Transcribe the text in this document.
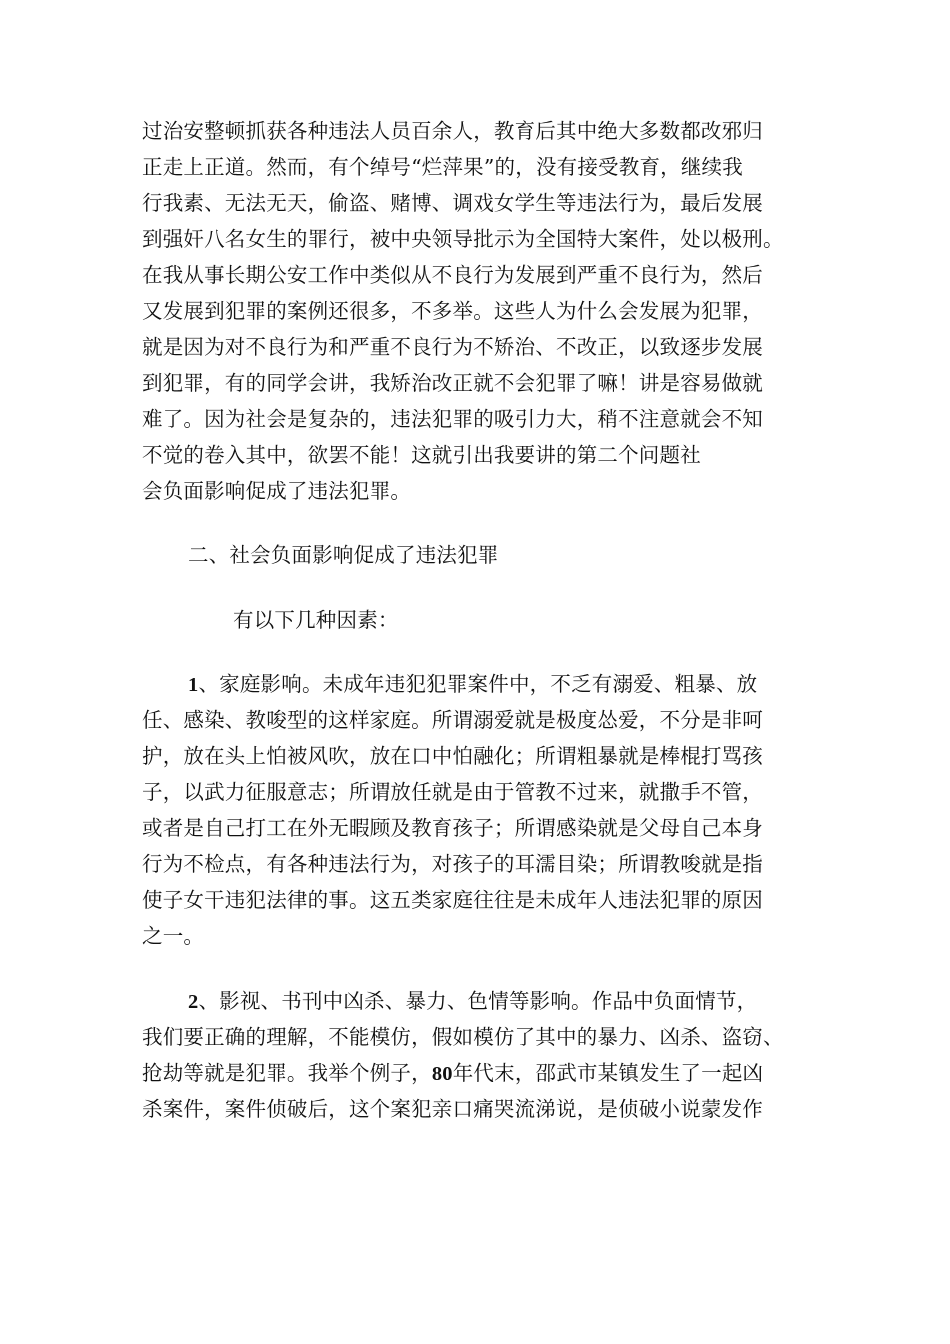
过治安整顿抓获各种违法人员百余人，教育后其中绝大多数都改邪归
正走上正道。然而，有个绰号“烂萍果”的，没有接受教育，继续我
行我素、无法无天，偷盗、赌博、调戏女学生等违法行为，最后发展
到强奸八名女生的罪行，被中央领导批示为全国特大案件，处以极刑。
在我从事长期公安工作中类似从不良行为发展到严重不良行为，然后
又发展到犯罪的案例还很多，不多举。这些人为什么会发展为犯罪，
就是因为对不良行为和严重不良行为不矫治、不改正，以致逐步发展
到犯罪，有的同学会讲，我矫治改正就不会犯罪了嘛！讲是容易做就
难了。因为社会是复杂的，违法犯罪的吸引力大，稍不注意就会不知
不觉的卷入其中，欲罢不能！这就引出我要讲的第二个问题社
会负面影响促成了违法犯罪。
二、社会负面影响促成了违法犯罪
有以下几种因素：
1、家庭影响。未成年违犯犯罪案件中，不乏有溺爱、粗暴、放
任、感染、教唆型的这样家庭。所谓溺爱就是极度怂爱，不分是非呵
护，放在头上怕被风吹，放在口中怕融化；所谓粗暴就是棒棍打骂孩
子，以武力征服意志；所谓放任就是由于管教不过来，就撒手不管，
或者是自己打工在外无暇顾及教育孩子；所谓感染就是父母自己本身
行为不检点，有各种违法行为，对孩子的耳濡目染；所谓教唆就是指
使子女干违犯法律的事。这五类家庭往往是未成年人违法犯罪的原因
之一。
2、影视、书刊中凶杀、暴力、色情等影响。作品中负面情节，
我们要正确的理解，不能模仿，假如模仿了其中的暴力、凶杀、盗窃、
抢劫等就是犯罪。我举个例子，80年代末，邵武市某镇发生了一起凶
杀案件，案件侦破后，这个案犯亲口痛哭流涕说，是侦破小说蒙发作
